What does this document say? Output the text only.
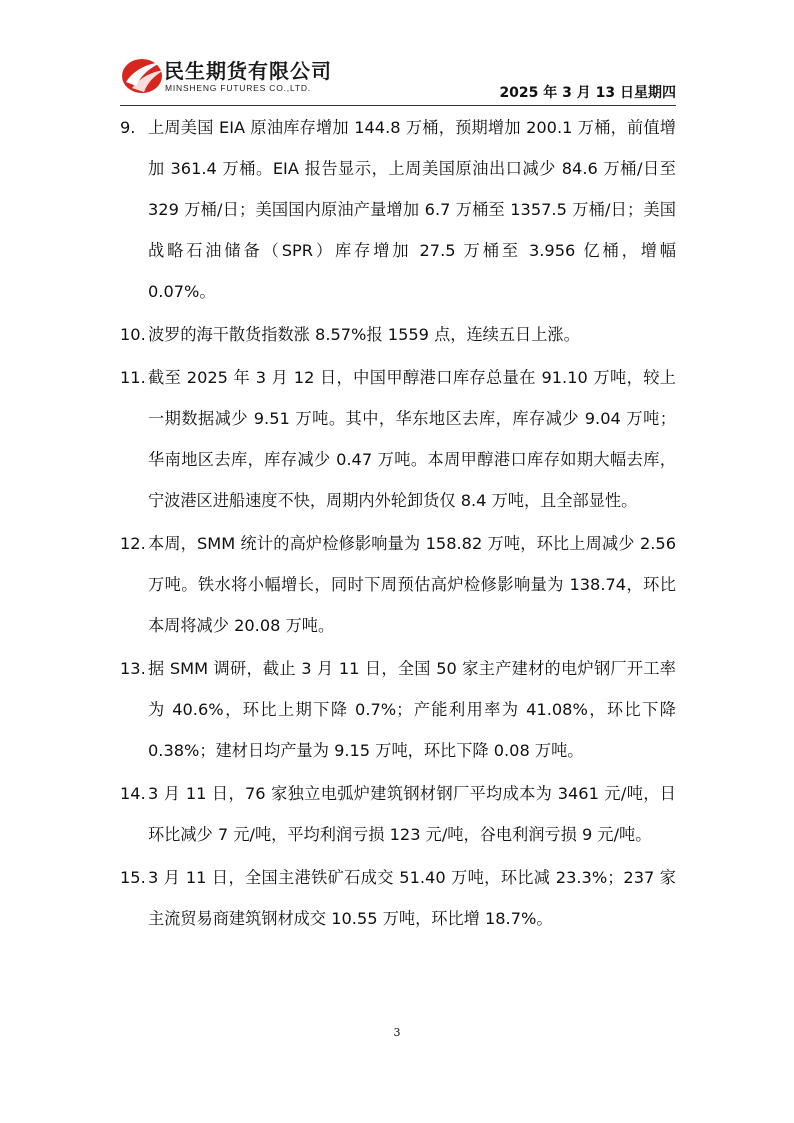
民生期货有限公司
MINSHENG FUTURES CO.,LTD.	2025 年 3 月 13 日星期四
9. 上周美国 EIA 原油库存增加 144.8 万桶，预期增加 200.1 万桶，前值增加 361.4 万桶。EIA 报告显示，上周美国原油出口减少 84.6 万桶/日至 329 万桶/日；美国国内原油产量增加 6.7 万桶至 1357.5 万桶/日；美国战略石油储备（SPR）库存增加 27.5 万桶至 3.956 亿桶，增幅 0.07%。
10. 波罗的海干散货指数涨 8.57%报 1559 点，连续五日上涨。
11. 截至 2025 年 3 月 12 日，中国甲醇港口库存总量在 91.10 万吨，较上一期数据减少 9.51 万吨。其中，华东地区去库，库存减少 9.04 万吨；华南地区去库，库存减少 0.47 万吨。本周甲醇港口库存如期大幅去库，宁波港区进船速度不快，周期内外轮卸货仅 8.4 万吨，且全部显性。
12. 本周，SMM 统计的高炉检修影响量为 158.82 万吨，环比上周减少 2.56 万吨。铁水将小幅增长，同时下周预估高炉检修影响量为 138.74，环比本周将减少 20.08 万吨。
13. 据 SMM 调研，截止 3 月 11 日，全国 50 家主产建材的电炉钢厂开工率为 40.6%，环比上期下降 0.7%；产能利用率为 41.08%，环比下降 0.38%；建材日均产量为 9.15 万吨，环比下降 0.08 万吨。
14. 3 月 11 日，76 家独立电弧炉建筑钢材钢厂平均成本为 3461 元/吨，日环比减少 7 元/吨，平均利润亏损 123 元/吨，谷电利润亏损 9 元/吨。
15. 3 月 11 日，全国主港铁矿石成交 51.40 万吨，环比减 23.3%；237 家主流贸易商建筑钢材成交 10.55 万吨，环比增 18.7%。
3
